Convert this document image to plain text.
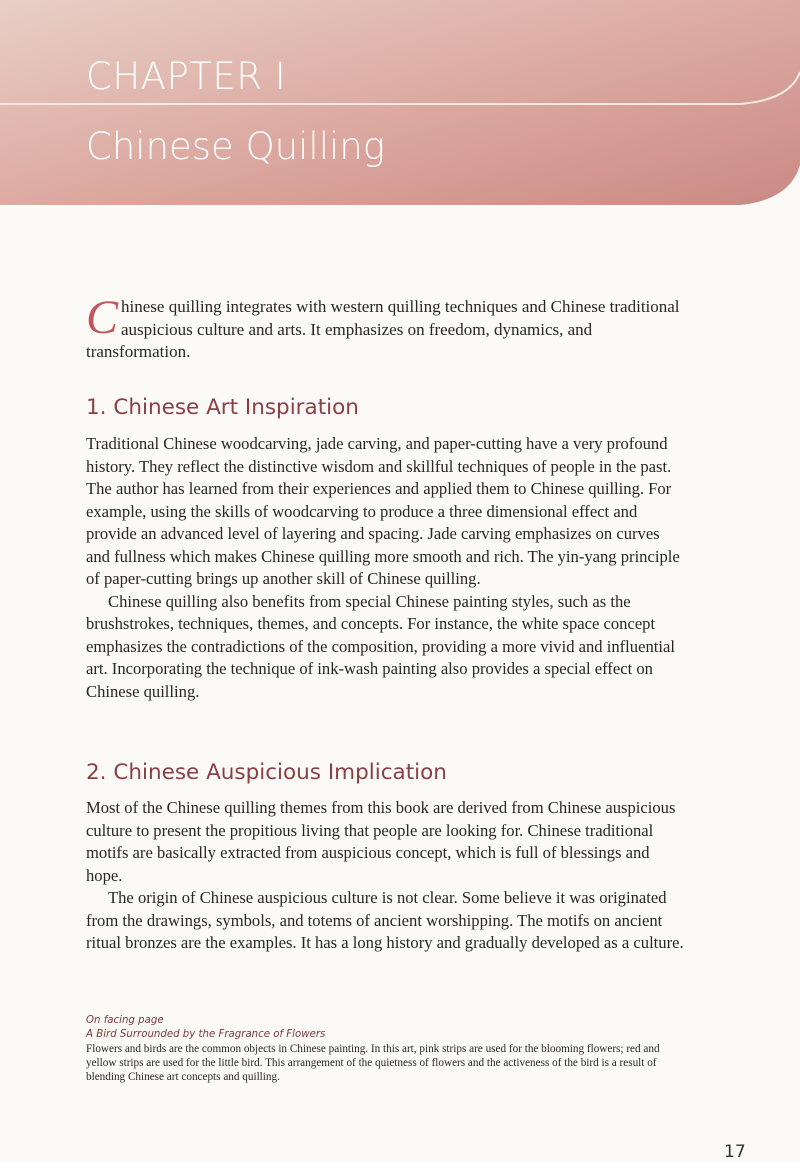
CHAPTER I
Chinese Quilling

Chinese quilling integrates with western quilling techniques and Chinese traditional auspicious culture and arts. It emphasizes on freedom, dynamics, and transformation.

1. Chinese Art Inspiration

Traditional Chinese woodcarving, jade carving, and paper-cutting have a very profound history. They reflect the distinctive wisdom and skillful techniques of people in the past. The author has learned from their experiences and applied them to Chinese quilling. For example, using the skills of woodcarving to produce a three dimensional effect and provide an advanced level of layering and spacing. Jade carving emphasizes on curves and fullness which makes Chinese quilling more smooth and rich. The yin-yang principle of paper-cutting brings up another skill of Chinese quilling.

Chinese quilling also benefits from special Chinese painting styles, such as the brushstrokes, techniques, themes, and concepts. For instance, the white space concept emphasizes the contradictions of the composition, providing a more vivid and influential art. Incorporating the technique of ink-wash painting also provides a special effect on Chinese quilling.

2. Chinese Auspicious Implication

Most of the Chinese quilling themes from this book are derived from Chinese auspicious culture to present the propitious living that people are looking for. Chinese traditional motifs are basically extracted from auspicious concept, which is full of blessings and hope.

The origin of Chinese auspicious culture is not clear. Some believe it was originated from the drawings, symbols, and totems of ancient worshipping. The motifs on ancient ritual bronzes are the examples. It has a long history and gradually developed as a culture.

On facing page

A Bird Surrounded by the Fragrance of Flowers

Flowers and birds are the common objects in Chinese painting. In this art, pink strips are used for the blooming flowers; red and yellow strips are used for the little bird. This arrangement of the quietness of flowers and the activeness of the bird is a result of blending Chinese art concepts and quilling.

17
